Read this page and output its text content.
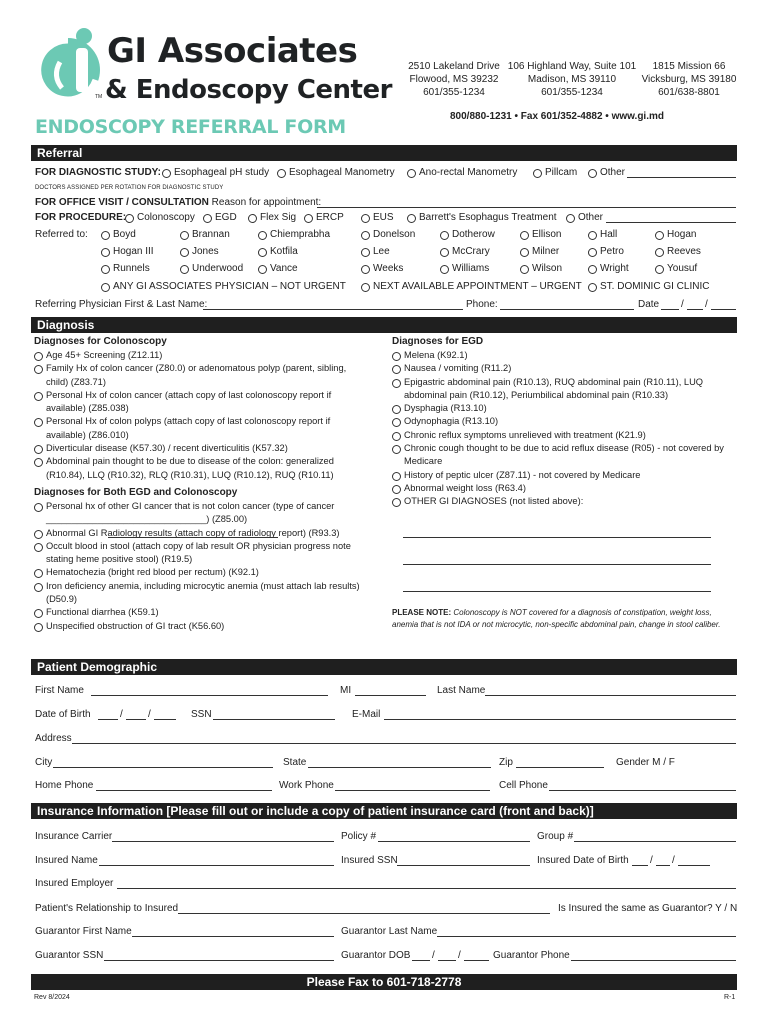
GI Associates
& Endoscopy Center
TM
ENDOSCOPY REFERRAL FORM
2510 Lakeland Drive
Flowood, MS 39232
601/355-1234
106 Highland Way, Suite 101
Madison, MS 39110
601/355-1234
1815 Mission 66
Vicksburg, MS 39180
601/638-8801
800/880-1231 • Fax 601/352-4882 • www.gi.md
Referral
FOR DIAGNOSTIC STUDY: Esophageal pH study Esophageal Manometry Ano-rectal Manometry	Pillcam Other
DOCTORS ASSIGNED PER ROTATION FOR DIAGNOSTIC STUDY
FOR OFFICE VISIT / CONSULTATION Reason for appointment:
FOR PROCEDURE: Colonoscopy EGD Flex Sig ERCP	EUS	Barrett's Esophagus Treatment Other
Referred to:	Boyd	Brannan	Chiemprabha	Donelson	Dotherow	Ellison	Hall	Hogan
Hogan III	Jones	Kotfila	Lee	McCrary	Milner	Petro	Reeves
Runnels	Underwood	Vance	Weeks	Williams	Wilson	Wright	Yousuf
ANY GI ASSOCIATES PHYSICIAN – NOT URGENT	NEXT AVAILABLE APPOINTMENT – URGENT ST. DOMINIC GI CLINIC
Referring Physician First & Last Name:	Phone:	Date / /
Diagnosis
Diagnoses for Colonoscopy
Age 45+ Screening (Z12.11)
Family Hx of colon cancer (Z80.0) or adenomatous polyp (parent, sibling, child) (Z83.71)
Personal Hx of colon cancer (attach copy of last colonoscopy report if available) (Z85.038)
Personal Hx of colon polyps (attach copy of last colonoscopy report if available) (Z86.010)
Diverticular disease (K57.30) / recent diverticulitis (K57.32)
Abdominal pain thought to be due to disease of the colon: generalized (R10.84), LLQ (R10.32), RLQ (R10.31), LUQ (R10.12), RUQ (R10.11)
Diagnoses for Both EGD and Colonoscopy
Personal hx of other GI cancer that is not colon cancer (type of cancer _______________________________) (Z85.00)
Abnormal GI Radiology results (attach copy of radiology report) (R93.3)
Occult blood in stool (attach copy of lab result OR physician progress note stating heme positive stool) (R19.5)
Hematochezia (bright red blood per rectum) (K92.1)
Iron deficiency anemia, including microcytic anemia (must attach lab results)(D50.9)
Functional diarrhea (K59.1)
Unspecified obstruction of GI tract (K56.60)
Diagnoses for EGD
Melena (K92.1)
Nausea / vomiting (R11.2)
Epigastric abdominal pain (R10.13), RUQ abdominal pain (R10.11), LUQ abdominal pain (R10.12), Periumbilical abdominal pain (R10.33)
Dysphagia (R13.10)
Odynophagia (R13.10)
Chronic reflux symptoms unrelieved with treatment (K21.9)
Chronic cough thought to be due to acid reflux disease (R05) - not covered by Medicare
History of peptic ulcer (Z87.11) - not covered by Medicare
Abnormal weight loss (R63.4)
OTHER GI DIAGNOSES (not listed above):
PLEASE NOTE: Colonoscopy is NOT covered for a diagnosis of constipation, weight loss, anemia that is not IDA or not microcytic, non-specific abdominal pain, change in stool caliber.
Patient Demographic
First Name	MI	Last Name
Date of Birth	/	/	SSN	E-Mail
Address
City	State	Zip	Gender M / F
Home Phone	Work Phone	Cell Phone
Insurance Information [Please fill out or include a copy of patient insurance card (front and back)]
Insurance Carrier	Policy #	Group #
Insured Name	Insured SSN	Insured Date of Birth / /
Insured Employer
Patient's Relationship to Insured	Is Insured the same as Guarantor? Y / N
Guarantor First Name	Guarantor Last Name
Guarantor SSN	Guarantor DOB / /	Guarantor Phone
Please Fax to 601-718-2778
Rev 8/2024	R-1
